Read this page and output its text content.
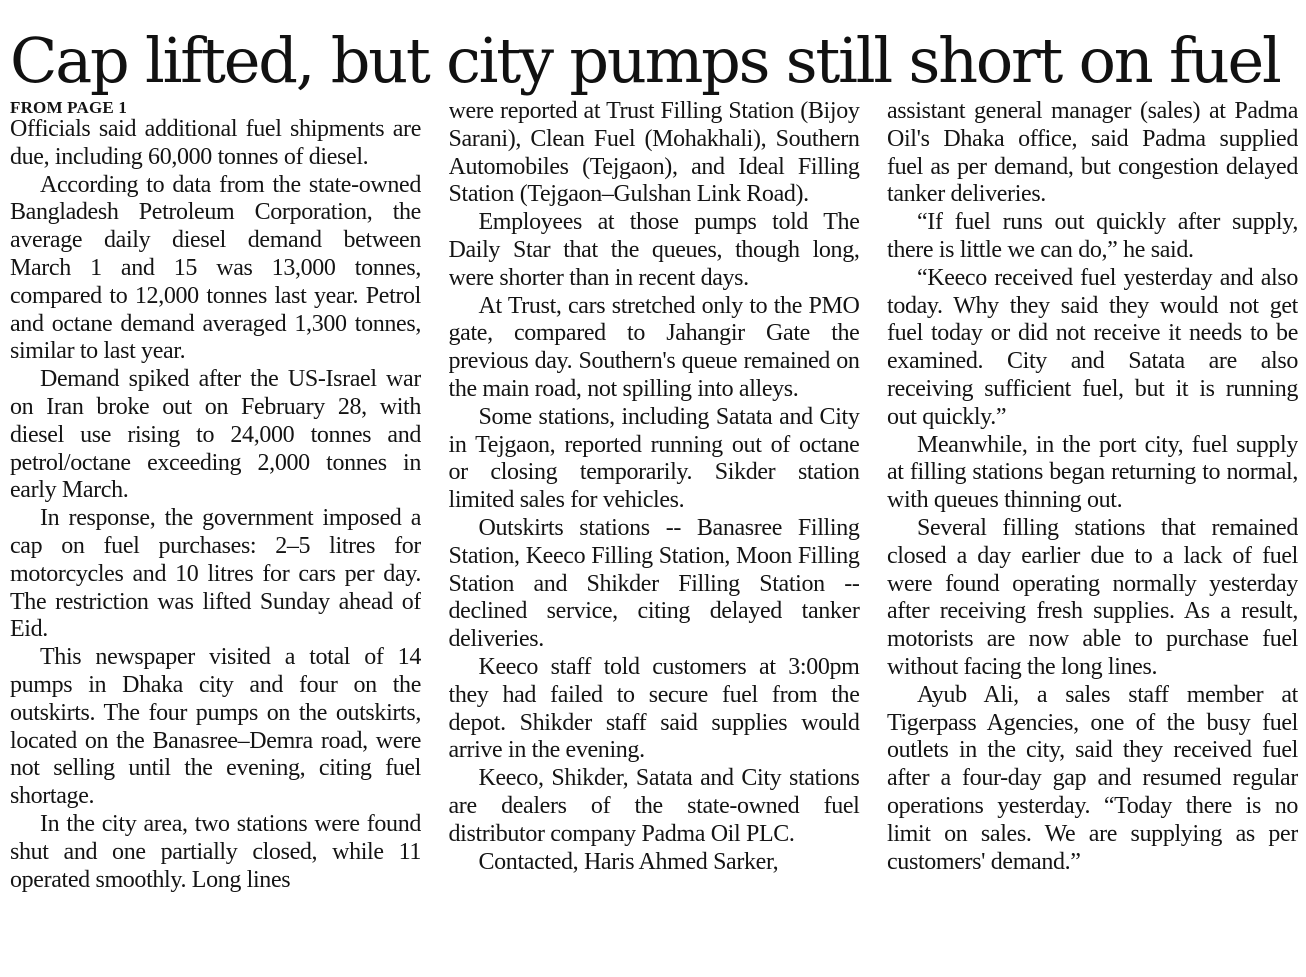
Cap lifted, but city pumps still short on fuel
FROM PAGE 1

Officials said additional fuel shipments are due, including 60,000 tonnes of diesel.

According to data from the state-owned Bangladesh Petroleum Corporation, the average daily diesel demand between March 1 and 15 was 13,000 tonnes, compared to 12,000 tonnes last year. Petrol and octane demand averaged 1,300 tonnes, similar to last year.

Demand spiked after the US-Israel war on Iran broke out on February 28, with diesel use rising to 24,000 tonnes and petrol/octane exceeding 2,000 tonnes in early March.

In response, the government imposed a cap on fuel purchases: 2–5 litres for motorcycles and 10 litres for cars per day. The restriction was lifted Sunday ahead of Eid.

This newspaper visited a total of 14 pumps in Dhaka city and four on the outskirts. The four pumps on the outskirts, located on the Banasree–Demra road, were not selling until the evening, citing fuel shortage.

In the city area, two stations were found shut and one partially closed, while 11 operated smoothly. Long lines

were reported at Trust Filling Station (Bijoy Sarani), Clean Fuel (Mohakhali), Southern Automobiles (Tejgaon), and Ideal Filling Station (Tejgaon–Gulshan Link Road).

Employees at those pumps told The Daily Star that the queues, though long, were shorter than in recent days.

At Trust, cars stretched only to the PMO gate, compared to Jahangir Gate the previous day. Southern's queue remained on the main road, not spilling into alleys.

Some stations, including Satata and City in Tejgaon, reported running out of octane or closing temporarily. Sikder station limited sales for vehicles.

Outskirts stations -- Banasree Filling Station, Keeco Filling Station, Moon Filling Station and Shikder Filling Station -- declined service, citing delayed tanker deliveries.

Keeco staff told customers at 3:00pm they had failed to secure fuel from the depot. Shikder staff said supplies would arrive in the evening.

Keeco, Shikder, Satata and City stations are dealers of the state-owned fuel distributor company Padma Oil PLC.

Contacted, Haris Ahmed Sarker,

assistant general manager (sales) at Padma Oil's Dhaka office, said Padma supplied fuel as per demand, but congestion delayed tanker deliveries.

“If fuel runs out quickly after supply, there is little we can do,” he said.

“Keeco received fuel yesterday and also today. Why they said they would not get fuel today or did not receive it needs to be examined. City and Satata are also receiving sufficient fuel, but it is running out quickly.”

Meanwhile, in the port city, fuel supply at filling stations began returning to normal, with queues thinning out.

Several filling stations that remained closed a day earlier due to a lack of fuel were found operating normally yesterday after receiving fresh supplies. As a result, motorists are now able to purchase fuel without facing the long lines.

Ayub Ali, a sales staff member at Tigerpass Agencies, one of the busy fuel outlets in the city, said they received fuel after a four-day gap and resumed regular operations yesterday. “Today there is no limit on sales. We are supplying as per customers' demand.”
